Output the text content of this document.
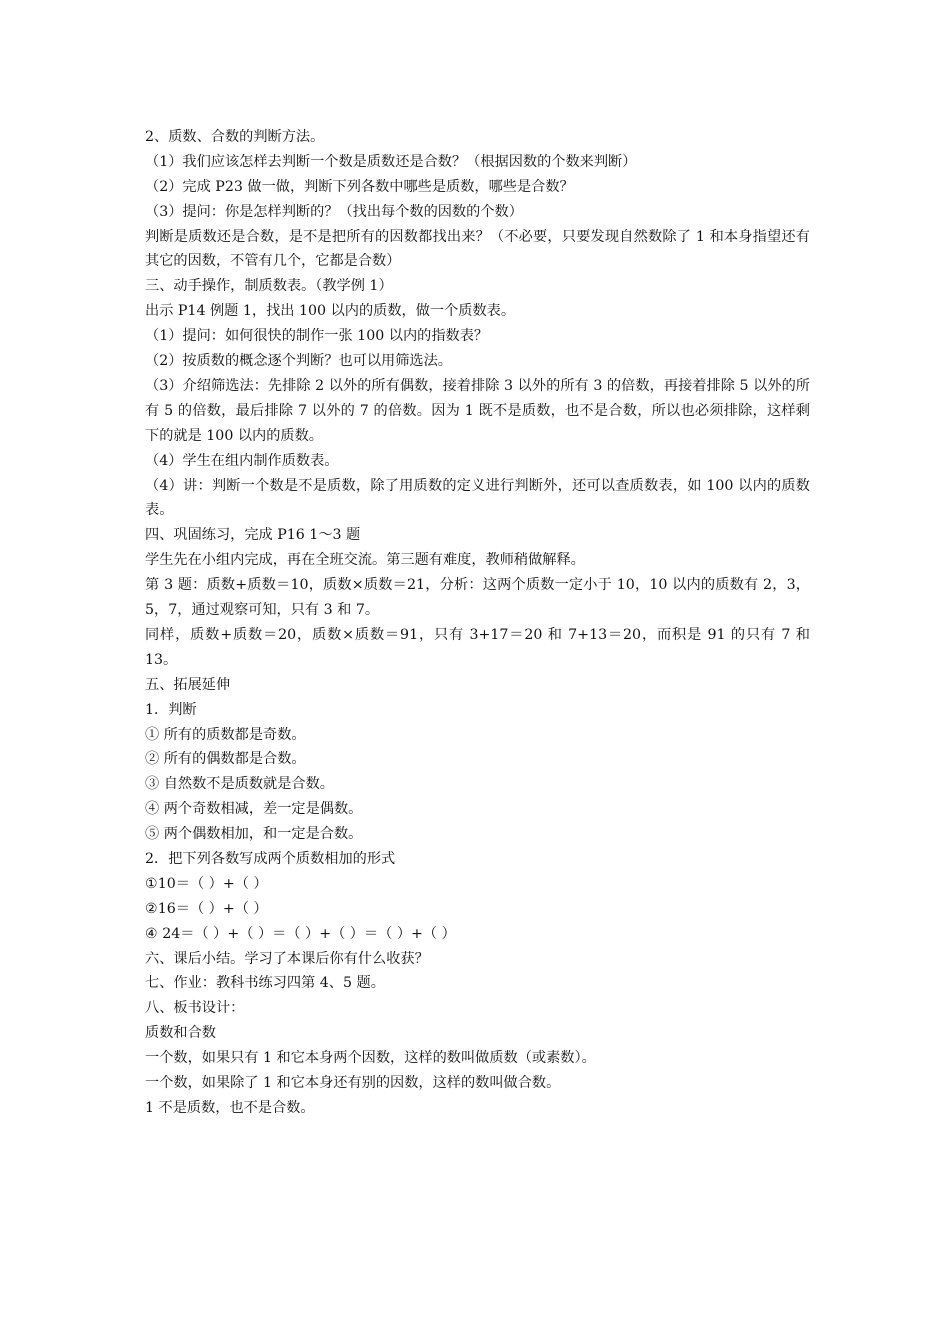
2、质数、合数的判断方法。
（1）我们应该怎样去判断一个数是质数还是合数？（根据因数的个数来判断）
（2）完成 P23 做一做，判断下列各数中哪些是质数，哪些是合数？
（3）提问：你是怎样判断的？（找出每个数的因数的个数）
判断是质数还是合数，是不是把所有的因数都找出来？（不必要，只要发现自然数除了 1 和本身指望还有其它的因数，不管有几个，它都是合数）
三、动手操作，制质数表。（教学例 1）
出示 P14 例题 1，找出 100 以内的质数，做一个质数表。
（1）提问：如何很快的制作一张 100 以内的指数表？
（2）按质数的概念逐个判断？也可以用筛选法。
（3）介绍筛选法：先排除 2 以外的所有偶数，接着排除 3 以外的所有 3 的倍数，再接着排除 5 以外的所有 5 的倍数，最后排除 7 以外的 7 的倍数。因为 1 既不是质数，也不是合数，所以也必须排除，这样剩下的就是 100 以内的质数。
（4）学生在组内制作质数表。
（4）讲：判断一个数是不是质数，除了用质数的定义进行判断外，还可以查质数表，如 100 以内的质数表。
四、巩固练习，完成 P16 1～3 题
学生先在小组内完成，再在全班交流。第三题有难度，教师稍做解释。
第 3 题：质数+质数＝10，质数×质数＝21，分析：这两个质数一定小于 10，10 以内的质数有 2，3，5，7，通过观察可知，只有 3 和 7。
同样，质数+质数＝20，质数×质数＝91，只有 3+17＝20 和 7+13＝20，而积是 91 的只有 7 和 13。
五、拓展延伸
1．判断
① 所有的质数都是奇数。
② 所有的偶数都是合数。
③ 自然数不是质数就是合数。
④ 两个奇数相减，差一定是偶数。
⑤ 两个偶数相加，和一定是合数。
2．把下列各数写成两个质数相加的形式
①10＝（ ）+（ ）
②16＝（ ）+（ ）
④ 24＝（ ）+（ ）＝（ ）+（ ）＝（ ）+（ ）
六、课后小结。学习了本课后你有什么收获？
七、作业：教科书练习四第 4、5 题。
八、板书设计：
质数和合数
一个数，如果只有 1 和它本身两个因数，这样的数叫做质数（或素数）。
一个数，如果除了 1 和它本身还有别的因数，这样的数叫做合数。
1 不是质数，也不是合数。
